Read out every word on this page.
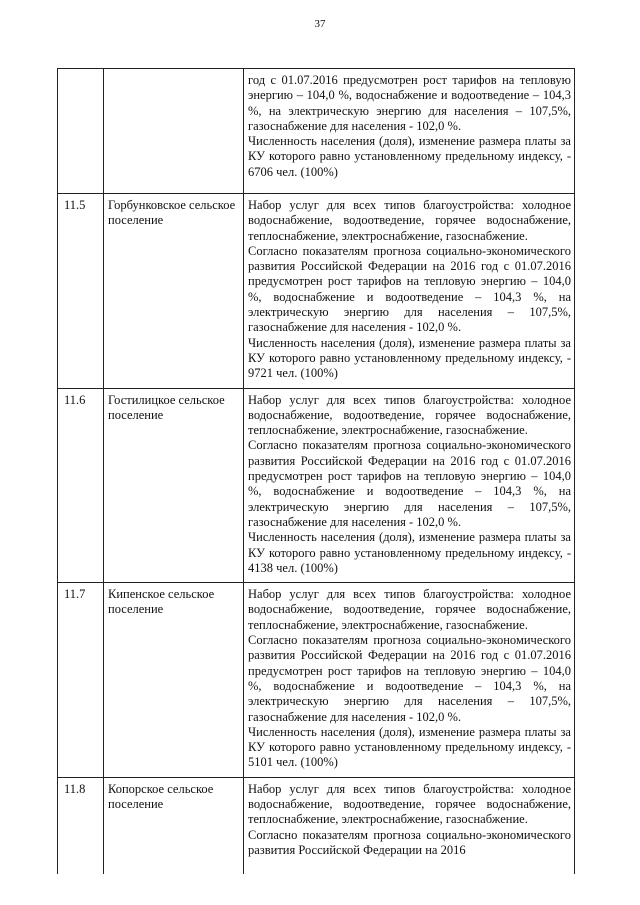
37

		год с 01.07.2016 предусмотрен рост тарифов на тепловую энергию – 104,0 %, водоснабжение и водоотведение – 104,3 %, на электрическую энергию для населения – 107,5%, газоснабжение для населения - 102,0 %.

Численность населения (доля), изменение размера платы за КУ которого равно установленному предельному индексу, - 6706 чел. (100%)

11.5	Горбунковское сельское поселение	Набор услуг для всех типов благоустройства: холодное водоснабжение, водоотведение, горячее водоснабжение, теплоснабжение, электроснабжение, газоснабжение.

Согласно показателям прогноза социально-экономического развития Российской Федерации на 2016 год с 01.07.2016 предусмотрен рост тарифов на тепловую энергию – 104,0 %, водоснабжение и водоотведение – 104,3 %, на электрическую энергию для населения – 107,5%, газоснабжение для населения - 102,0 %.

Численность населения (доля), изменение размера платы за КУ которого равно установленному предельному индексу, - 9721 чел. (100%)

11.6	Гостилицкое сельское поселение	Набор услуг для всех типов благоустройства: холодное водоснабжение, водоотведение, горячее водоснабжение, теплоснабжение, электроснабжение, газоснабжение.

Согласно показателям прогноза социально-экономического развития Российской Федерации на 2016 год с 01.07.2016 предусмотрен рост тарифов на тепловую энергию – 104,0 %, водоснабжение и водоотведение – 104,3 %, на электрическую энергию для населения – 107,5%, газоснабжение для населения - 102,0 %.

Численность населения (доля), изменение размера платы за КУ которого равно установленному предельному индексу, - 4138 чел. (100%)

11.7	Кипенское сельское поселение	Набор услуг для всех типов благоустройства: холодное водоснабжение, водоотведение, горячее водоснабжение, теплоснабжение, электроснабжение, газоснабжение.

Согласно показателям прогноза социально-экономического развития Российской Федерации на 2016 год с 01.07.2016 предусмотрен рост тарифов на тепловую энергию – 104,0 %, водоснабжение и водоотведение – 104,3 %, на электрическую энергию для населения – 107,5%, газоснабжение для населения - 102,0 %.

Численность населения (доля), изменение размера платы за КУ которого равно установленному предельному индексу, - 5101 чел. (100%)

11.8	Копорское сельское поселение	Набор услуг для всех типов благоустройства: холодное водоснабжение, водоотведение, горячее водоснабжение, теплоснабжение, электроснабжение, газоснабжение.

Согласно показателям прогноза социально-экономического развития Российской Федерации на 2016
